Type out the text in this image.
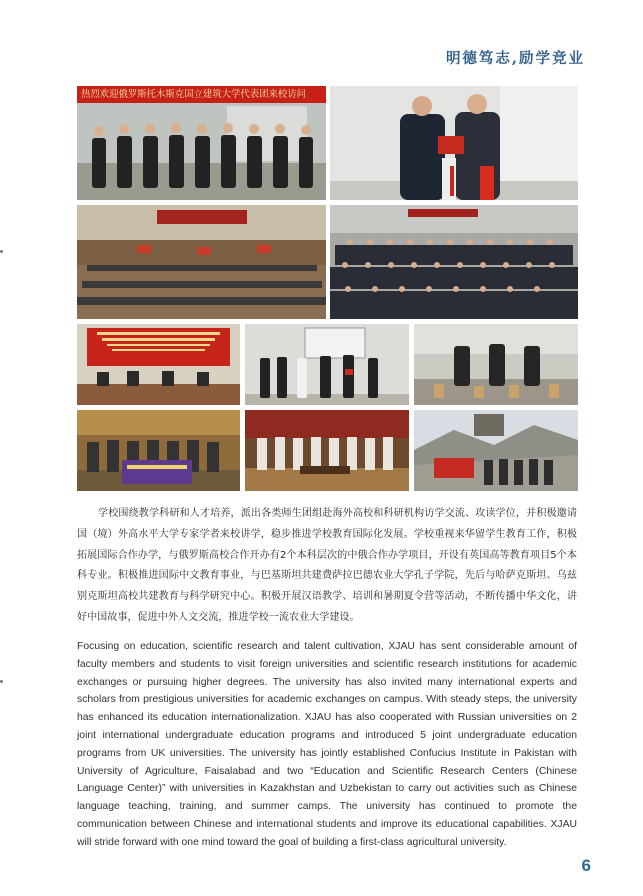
明德笃志,励学竞业
热烈欢迎俄罗斯托木斯克国立建筑大学代表团来校访问

学校围绕教学科研和人才培养，派出各类师生团组赴海外高校和科研机构访学交流、攻读学位，并积极邀请国（境）外高水平大学专家学者来校讲学，稳步推进学校教育国际化发展。学校重视来华留学生教育工作，积极拓展国际合作办学，与俄罗斯高校合作开办有2个本科层次的中俄合作办学项目，开设有英国高等教育项目5个本科专业。积极推进国际中文教育事业，与巴基斯坦共建费萨拉巴德农业大学孔子学院，先后与哈萨克斯坦、乌兹别克斯坦高校共建教育与科学研究中心。积极开展汉语教学、培训和暑期夏令营等活动，不断传播中华文化，讲好中国故事，促进中外人文交流，推进学校一流农业大学建设。

Focusing on education, scientific research and talent cultivation, XJAU has sent considerable amount of faculty members and students to visit foreign universities and scientific research institutions for academic exchanges or pursuing higher degrees. The university has also invited many international experts and scholars from prestigious universities for academic exchanges on campus. With steady steps, the university has enhanced its education internationalization. XJAU has also cooperated with Russian universities on 2 joint international undergraduate education programs and introduced 5 joint undergraduate education programs from UK universities. The university has jointly established Confucius Institute in Pakistan with University of Agriculture, Faisalabad and two “Education and Scientific Research Centers (Chinese Language Center)” with universities in Kazakhstan and Uzbekistan to carry out activities such as Chinese language teaching, training, and summer camps. The university has continued to promote the communication between Chinese and international students and improve its educational capabilities. XJAU will stride forward with one mind toward the goal of building a first-class agricultural university.

6
